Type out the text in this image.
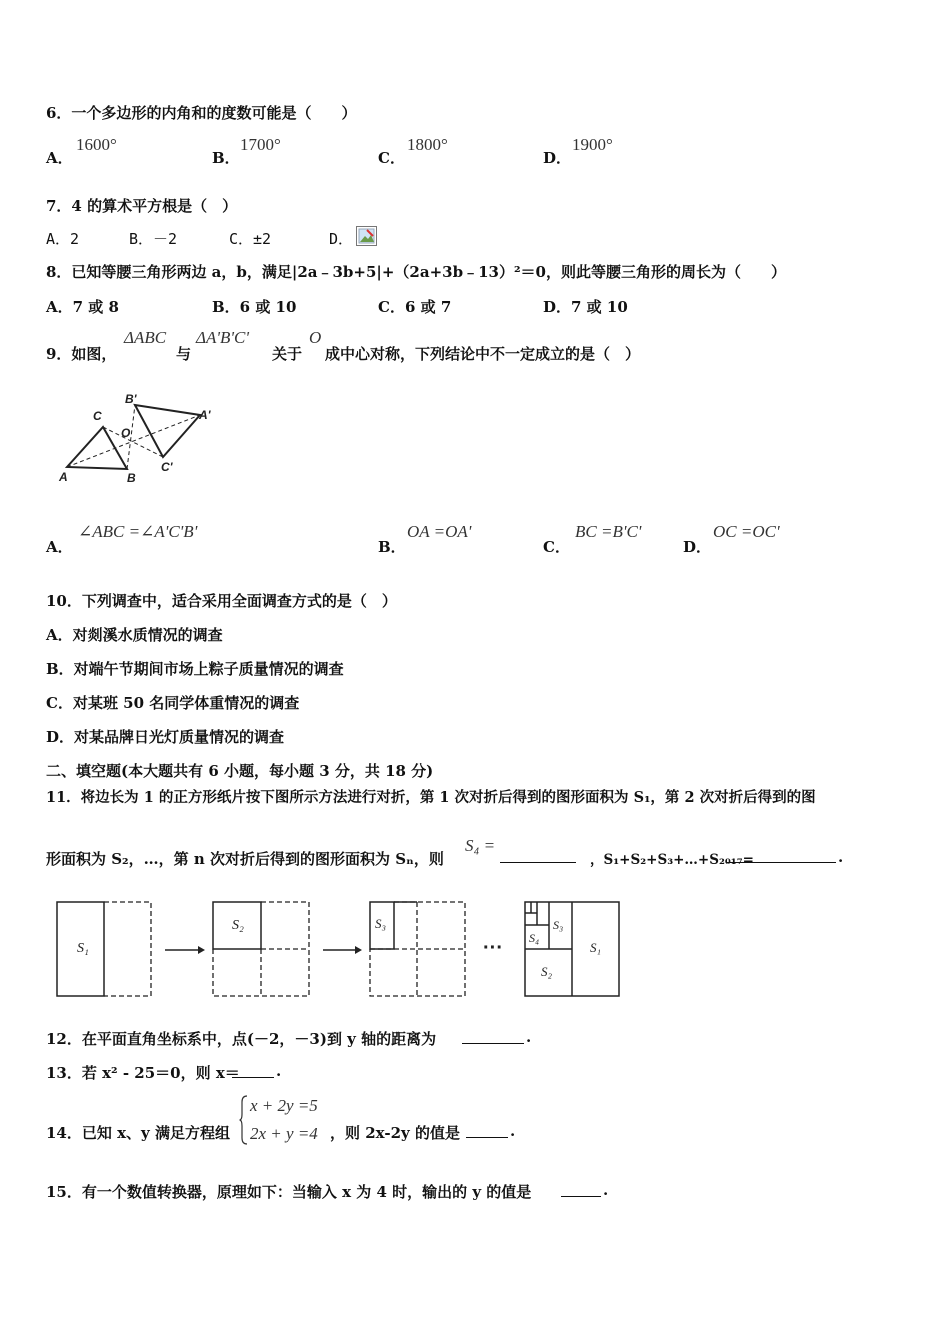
6．一个多边形的内角和的度数可能是（　　）
A．
1600°
B．
1700°
C．
1800°
D．
1900°
7．4 的算术平方根是（　）
A．2	B．－2	C．±2	D．
8．已知等腰三角形两边 a，b，满足|2a﹣3b+5|+（2a+3b﹣13）²＝0，则此等腰三角形的周长为（　　）
A．7 或 8	B．6 或 10	C．6 或 7	D．7 或 10
9．如图，
ΔABC
与
ΔA'B'C'
关于
O
成中心对称，下列结论中不一定成立的是（　）
A	B
C	A'
B'
C'
O
A．
∠ABC =∠A'C'B'
B．
OA =OA'
C．
BC =B'C'
D．
OC =OC'
10．下列调查中，适合采用全面调查方式的是（　）
A．对剡溪水质情况的调查
B．对端午节期间市场上粽子质量情况的调查
C．对某班 50 名同学体重情况的调查
D．对某品牌日光灯质量情况的调查
二、填空题(本大题共有 6 小题，每小题 3 分，共 18 分)
11．将边长为 1 的正方形纸片按下图所示方法进行对折，第 1 次对折后得到的图形面积为 S₁，第 2 次对折后得到的图
形面积为 S₂，…，第 n 次对折后得到的图形面积为 Sₙ，则
S₄ =
，S₁+S₂+S₃+…+S₂₀₁₇=	.
S₁
S₂	S₃
···
S₃
S₄
S₂
S₁
12．在平面直角坐标系中，点(－2，－3)到 y 轴的距离为	.
13．若 x² - 25＝0，则 x＝ .
14．已知 x、y 满足方程组
x + 2y =5
2x + y =4 ，则 2x-2y 的值是	.
15．有一个数值转换器，原理如下：当输入 x 为 4 时，输出的 y 的值是	.
